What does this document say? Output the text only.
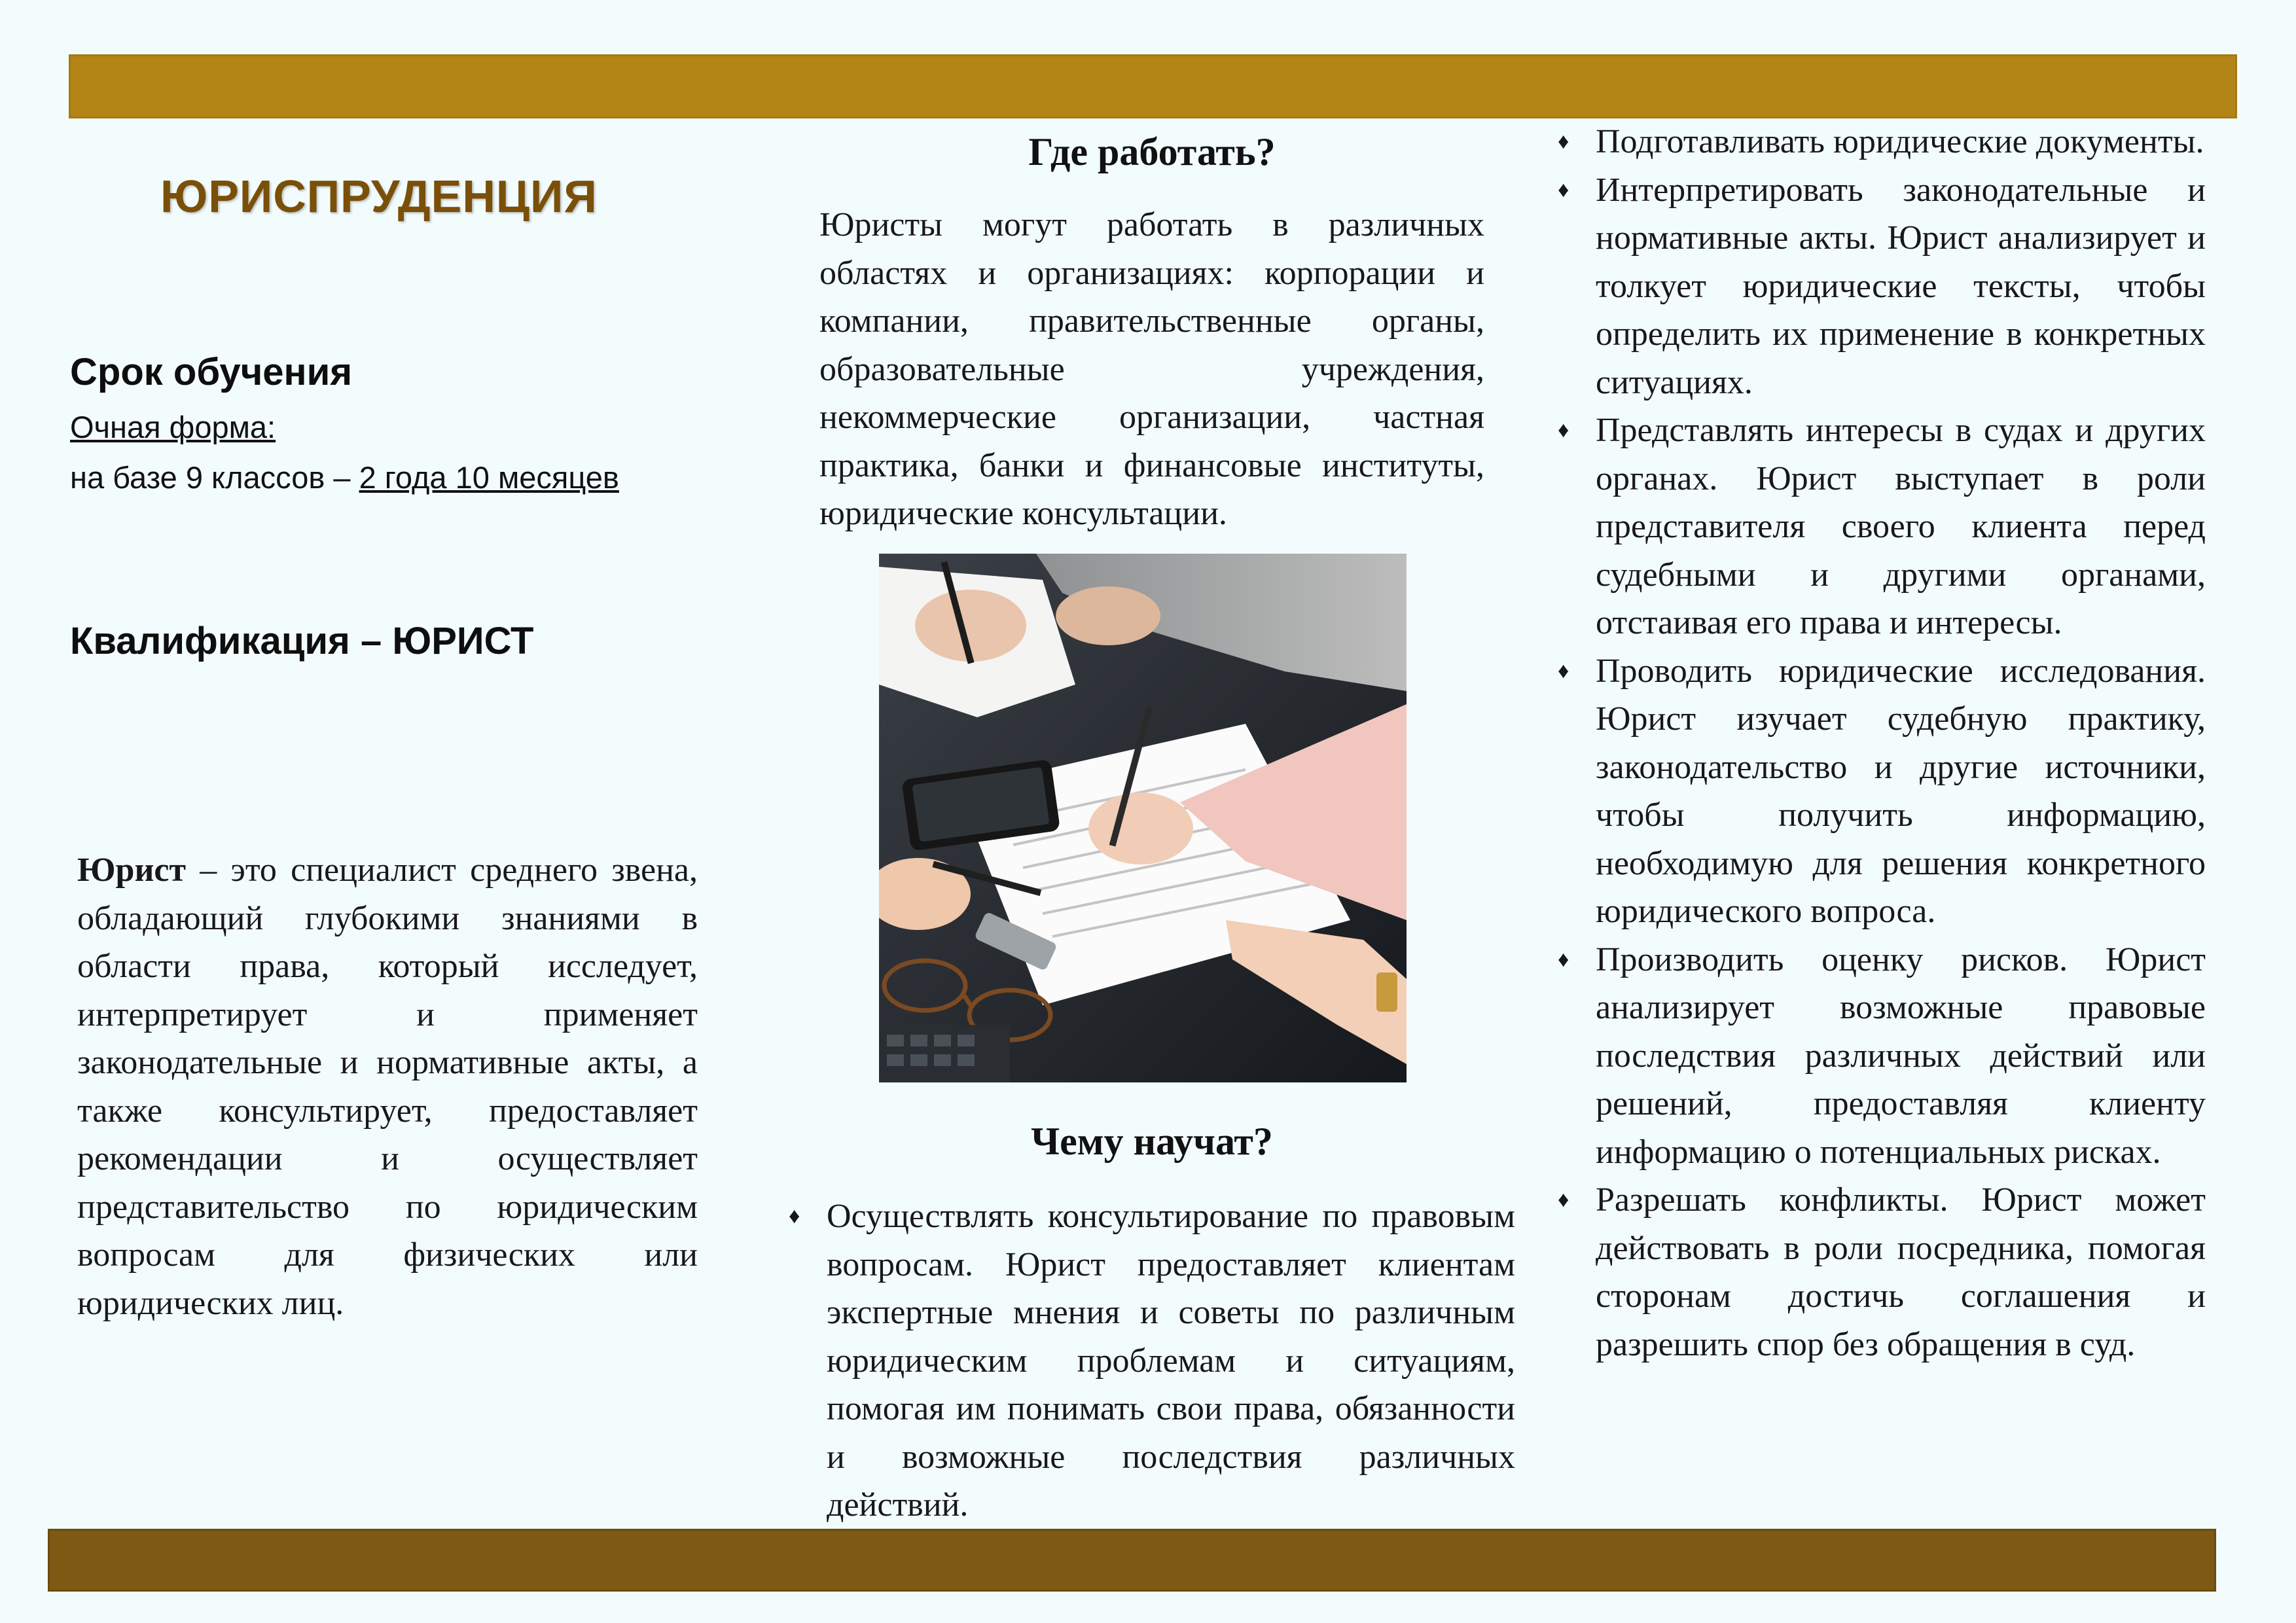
ЮРИСПРУДЕНЦИЯ
Срок обучения

Очная форма:

на базе 9 классов – 2 года 10 месяцев

Квалификация – ЮРИСТ

Юрист – это специалист среднего звена, обладающий глубокими знаниями в области права, который исследует, интерпретирует и применяет законодательные и нормативные акты, а также консультирует, предоставляет рекомендации и осуществляет представительство по юридическим вопросам для физических или юридических лиц.

Где работать?

Юристы могут работать в различных областях и организациях: корпорации и компании, правительственные органы, образовательные учреждения, некоммерческие организации, частная практика, банки и финансовые институты, юридические консультации.

Чему научат?
♦ Осуществлять консультирование по правовым вопросам. Юрист предоставляет клиентам экспертные мнения и советы по различным юридическим проблемам и ситуациям, помогая им понимать свои права, обязанности и возможные последствия различных действий.
♦ Подготавливать юридические документы.
♦ Интерпретировать законодательные и нормативные акты. Юрист анализирует и толкует юридические тексты, чтобы определить их применение в конкретных ситуациях.
♦ Представлять интересы в судах и других органах. Юрист выступает в роли представителя своего клиента перед судебными и другими органами, отстаивая его права и интересы.
♦ Проводить юридические исследования. Юрист изучает судебную практику, законодательство и другие источники, чтобы получить информацию, необходимую для решения конкретного юридического вопроса.
♦ Производить оценку рисков. Юрист анализирует возможные правовые последствия различных действий или решений, предоставляя клиенту информацию о потенциальных рисках.
♦ Разрешать конфликты. Юрист может действовать в роли посредника, помогая сторонам достичь соглашения и разрешить спор без обращения в суд.
